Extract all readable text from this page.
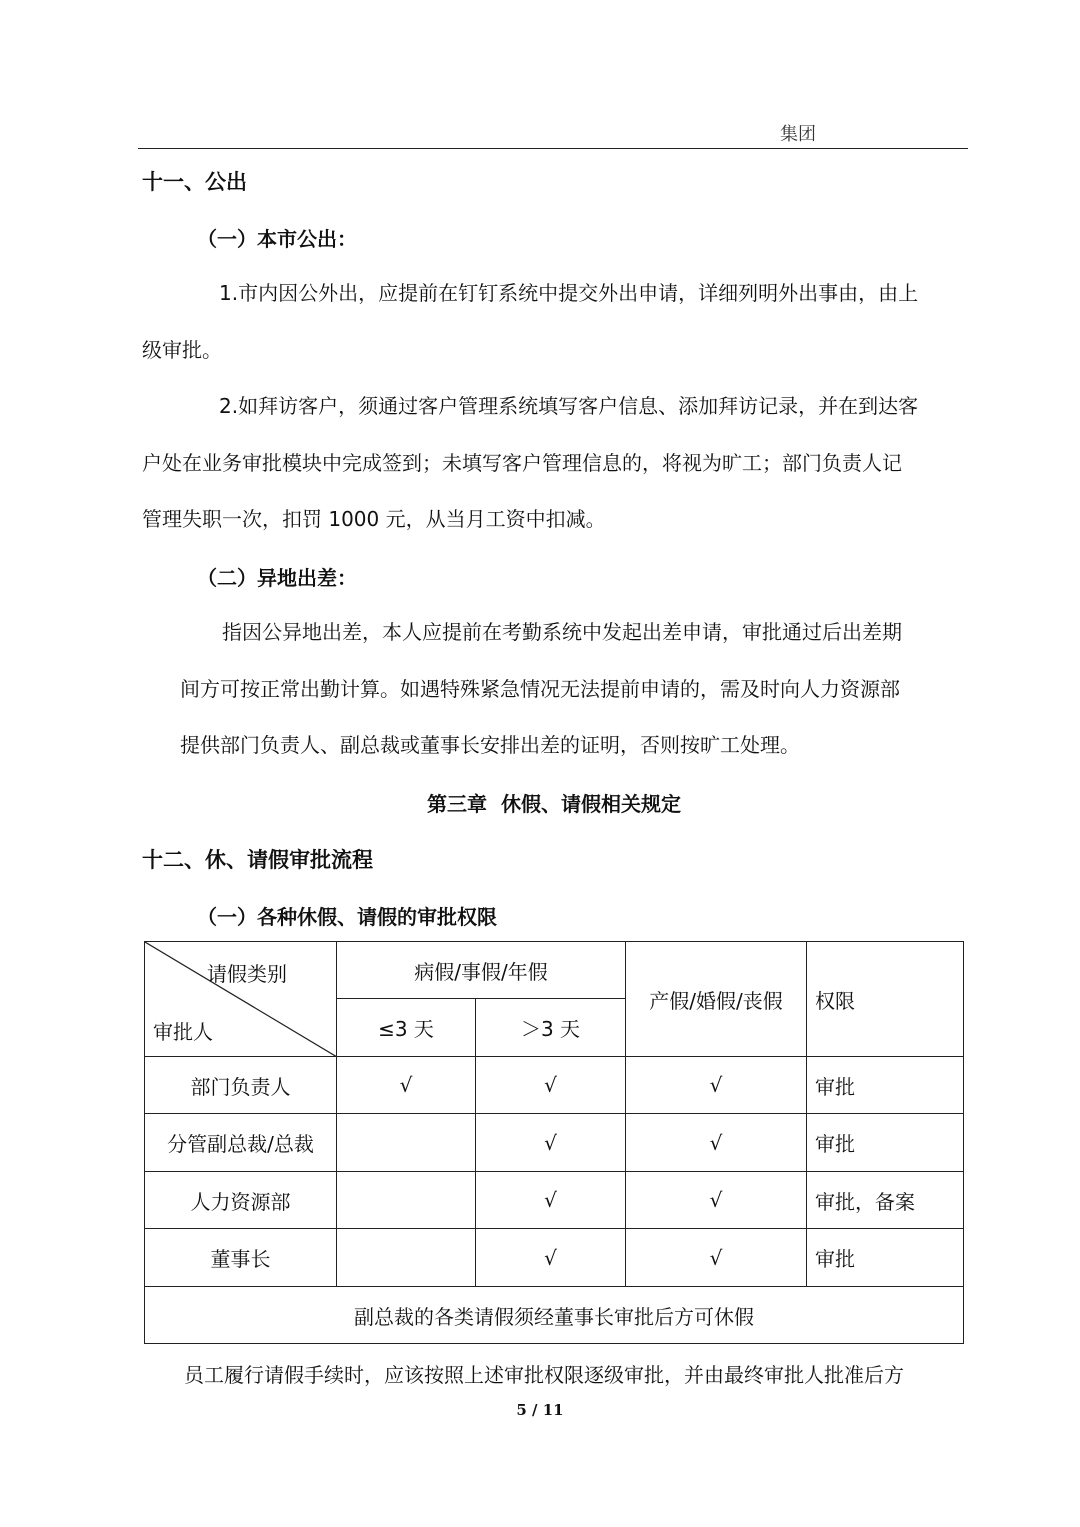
集团
十一、公出
（一）本市公出：
1.市内因公外出，应提前在钉钉系统中提交外出申请，详细列明外出事由，由上
级审批。
2.如拜访客户，须通过客户管理系统填写客户信息、添加拜访记录，并在到达客
户处在业务审批模块中完成签到；未填写客户管理信息的，将视为旷工；部门负责人记
管理失职一次，扣罚 1000 元，从当月工资中扣减。
（二）异地出差：
指因公异地出差，本人应提前在考勤系统中发起出差申请，审批通过后出差期
间方可按正常出勤计算。如遇特殊紧急情况无法提前申请的，需及时向人力资源部
提供部门负责人、副总裁或董事长安排出差的证明，否则按旷工处理。
第三章  休假、请假相关规定
十二、休、请假审批流程
（一）各种休假、请假的审批权限
请假类别
审批人	病假/事假/年假		产假/婚假/丧假	权限
	≤3 天	＞3 天		
部门负责人	√	√	√	审批
分管副总裁/总裁		√	√	审批
人力资源部		√	√	审批，备案
董事长		√	√	审批
副总裁的各类请假须经董事长审批后方可休假				
员工履行请假手续时，应该按照上述审批权限逐级审批，并由最终审批人批准后方
5 / 11
